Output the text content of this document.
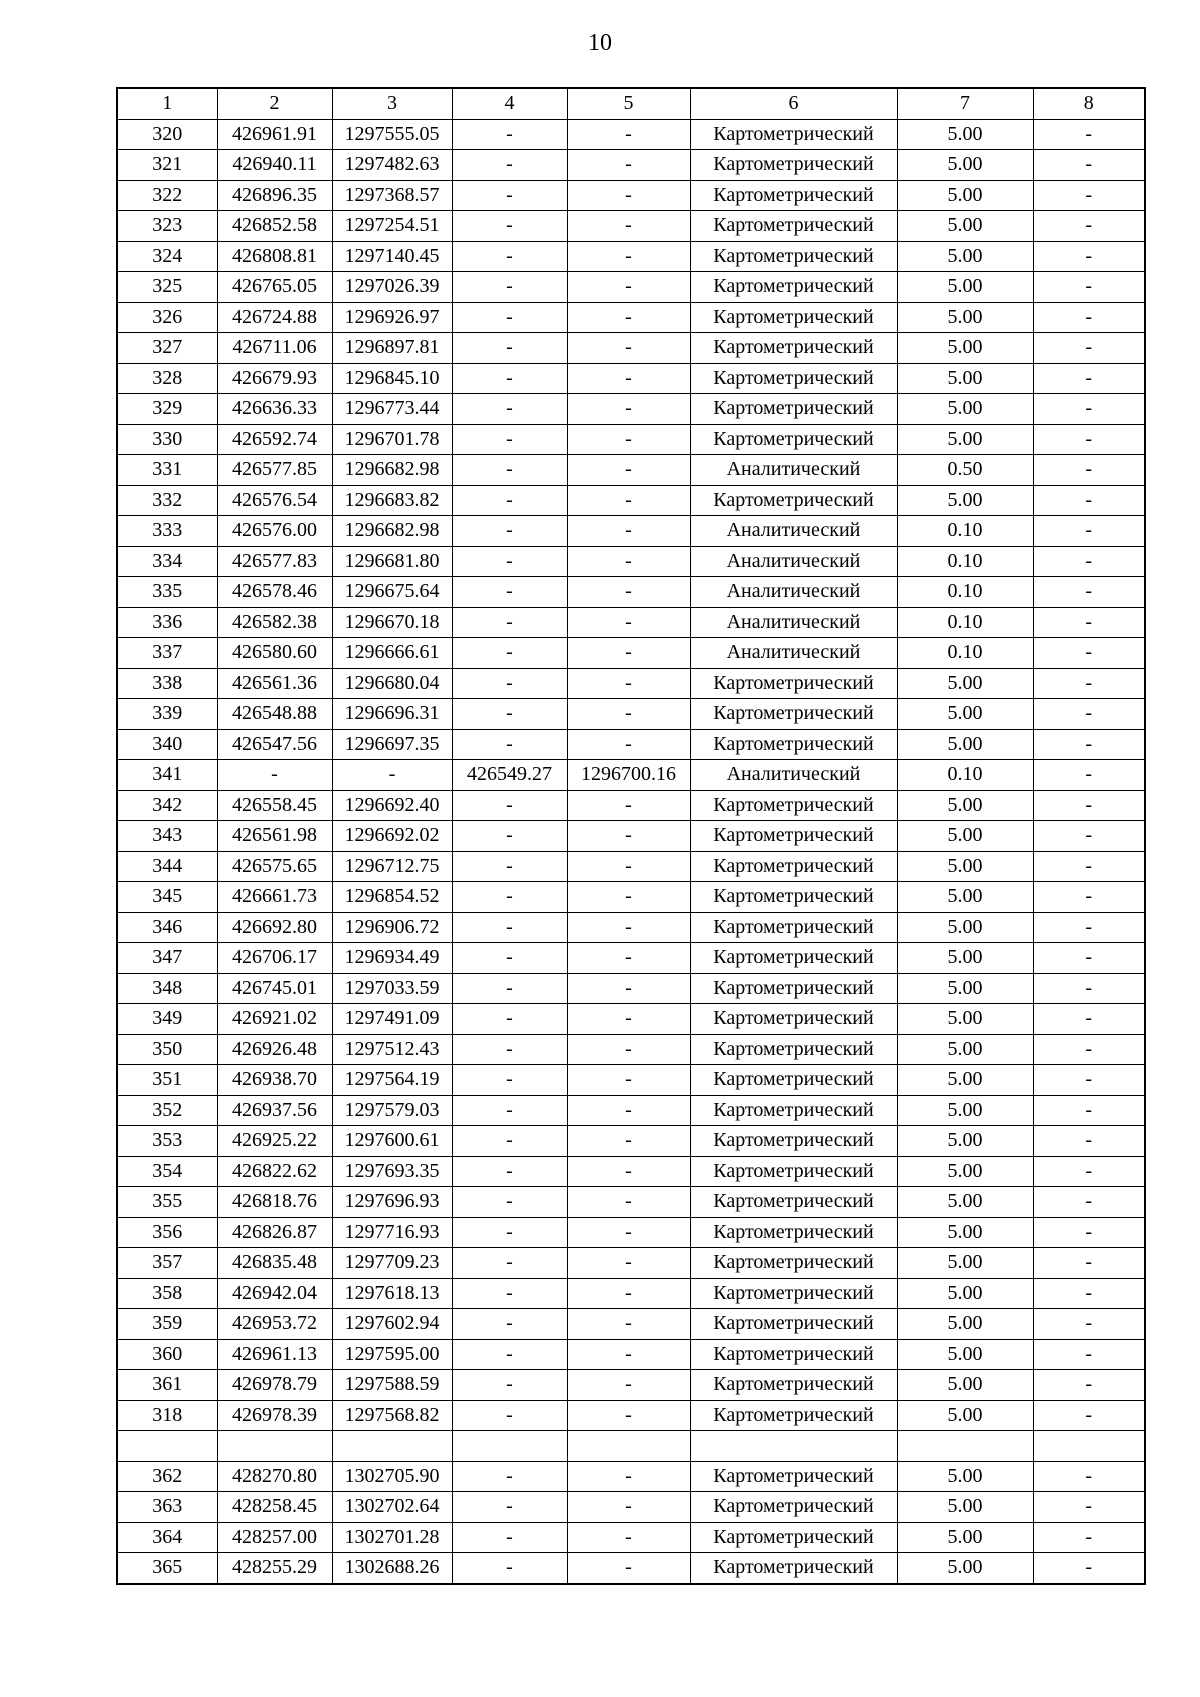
10
1	2	3	4	5	6	7	8
320	426961.91	1297555.05	-	-	Картометрический	5.00	-
321	426940.11	1297482.63	-	-	Картометрический	5.00	-
322	426896.35	1297368.57	-	-	Картометрический	5.00	-
323	426852.58	1297254.51	-	-	Картометрический	5.00	-
324	426808.81	1297140.45	-	-	Картометрический	5.00	-
325	426765.05	1297026.39	-	-	Картометрический	5.00	-
326	426724.88	1296926.97	-	-	Картометрический	5.00	-
327	426711.06	1296897.81	-	-	Картометрический	5.00	-
328	426679.93	1296845.10	-	-	Картометрический	5.00	-
329	426636.33	1296773.44	-	-	Картометрический	5.00	-
330	426592.74	1296701.78	-	-	Картометрический	5.00	-
331	426577.85	1296682.98	-	-	Аналитический	0.50	-
332	426576.54	1296683.82	-	-	Картометрический	5.00	-
333	426576.00	1296682.98	-	-	Аналитический	0.10	-
334	426577.83	1296681.80	-	-	Аналитический	0.10	-
335	426578.46	1296675.64	-	-	Аналитический	0.10	-
336	426582.38	1296670.18	-	-	Аналитический	0.10	-
337	426580.60	1296666.61	-	-	Аналитический	0.10	-
338	426561.36	1296680.04	-	-	Картометрический	5.00	-
339	426548.88	1296696.31	-	-	Картометрический	5.00	-
340	426547.56	1296697.35	-	-	Картометрический	5.00	-
341	-	-	426549.27	1296700.16	Аналитический	0.10	-
342	426558.45	1296692.40	-	-	Картометрический	5.00	-
343	426561.98	1296692.02	-	-	Картометрический	5.00	-
344	426575.65	1296712.75	-	-	Картометрический	5.00	-
345	426661.73	1296854.52	-	-	Картометрический	5.00	-
346	426692.80	1296906.72	-	-	Картометрический	5.00	-
347	426706.17	1296934.49	-	-	Картометрический	5.00	-
348	426745.01	1297033.59	-	-	Картометрический	5.00	-
349	426921.02	1297491.09	-	-	Картометрический	5.00	-
350	426926.48	1297512.43	-	-	Картометрический	5.00	-
351	426938.70	1297564.19	-	-	Картометрический	5.00	-
352	426937.56	1297579.03	-	-	Картометрический	5.00	-
353	426925.22	1297600.61	-	-	Картометрический	5.00	-
354	426822.62	1297693.35	-	-	Картометрический	5.00	-
355	426818.76	1297696.93	-	-	Картометрический	5.00	-
356	426826.87	1297716.93	-	-	Картометрический	5.00	-
357	426835.48	1297709.23	-	-	Картометрический	5.00	-
358	426942.04	1297618.13	-	-	Картометрический	5.00	-
359	426953.72	1297602.94	-	-	Картометрический	5.00	-
360	426961.13	1297595.00	-	-	Картометрический	5.00	-
361	426978.79	1297588.59	-	-	Картометрический	5.00	-
318	426978.39	1297568.82	-	-	Картометрический	5.00	-

362	428270.80	1302705.90	-	-	Картометрический	5.00	-
363	428258.45	1302702.64	-	-	Картометрический	5.00	-
364	428257.00	1302701.28	-	-	Картометрический	5.00	-
365	428255.29	1302688.26	-	-	Картометрический	5.00	-
